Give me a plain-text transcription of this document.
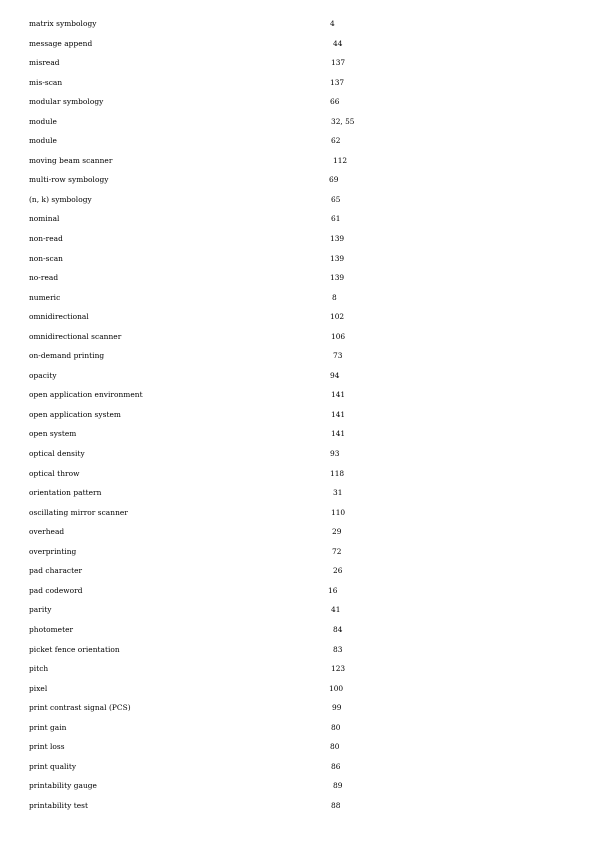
matrix symbology	4
message append	44
misread	137
mis-scan	137
modular symbology	66
module	32, 55
module	62
moving beam scanner	112
multi-row symbology	69
(n, k) symbology	65
nominal	61
non-read	139
non-scan	139
no-read	139
numeric	8
omnidirectional	102
omnidirectional scanner	106
on-demand printing	73
opacity	94
open application environment	141
open application system	141
open system	141
optical density	93
optical throw	118
orientation pattern	31
oscillating mirror scanner	110
overhead	29
overprinting	72
pad character	26
pad codeword	16
parity	41
photometer	84
picket fence orientation	83
pitch	123
pixel	100
print contrast signal (PCS)	99
print gain	80
print loss	80
print quality	86
printability gauge	89
printability test	88
